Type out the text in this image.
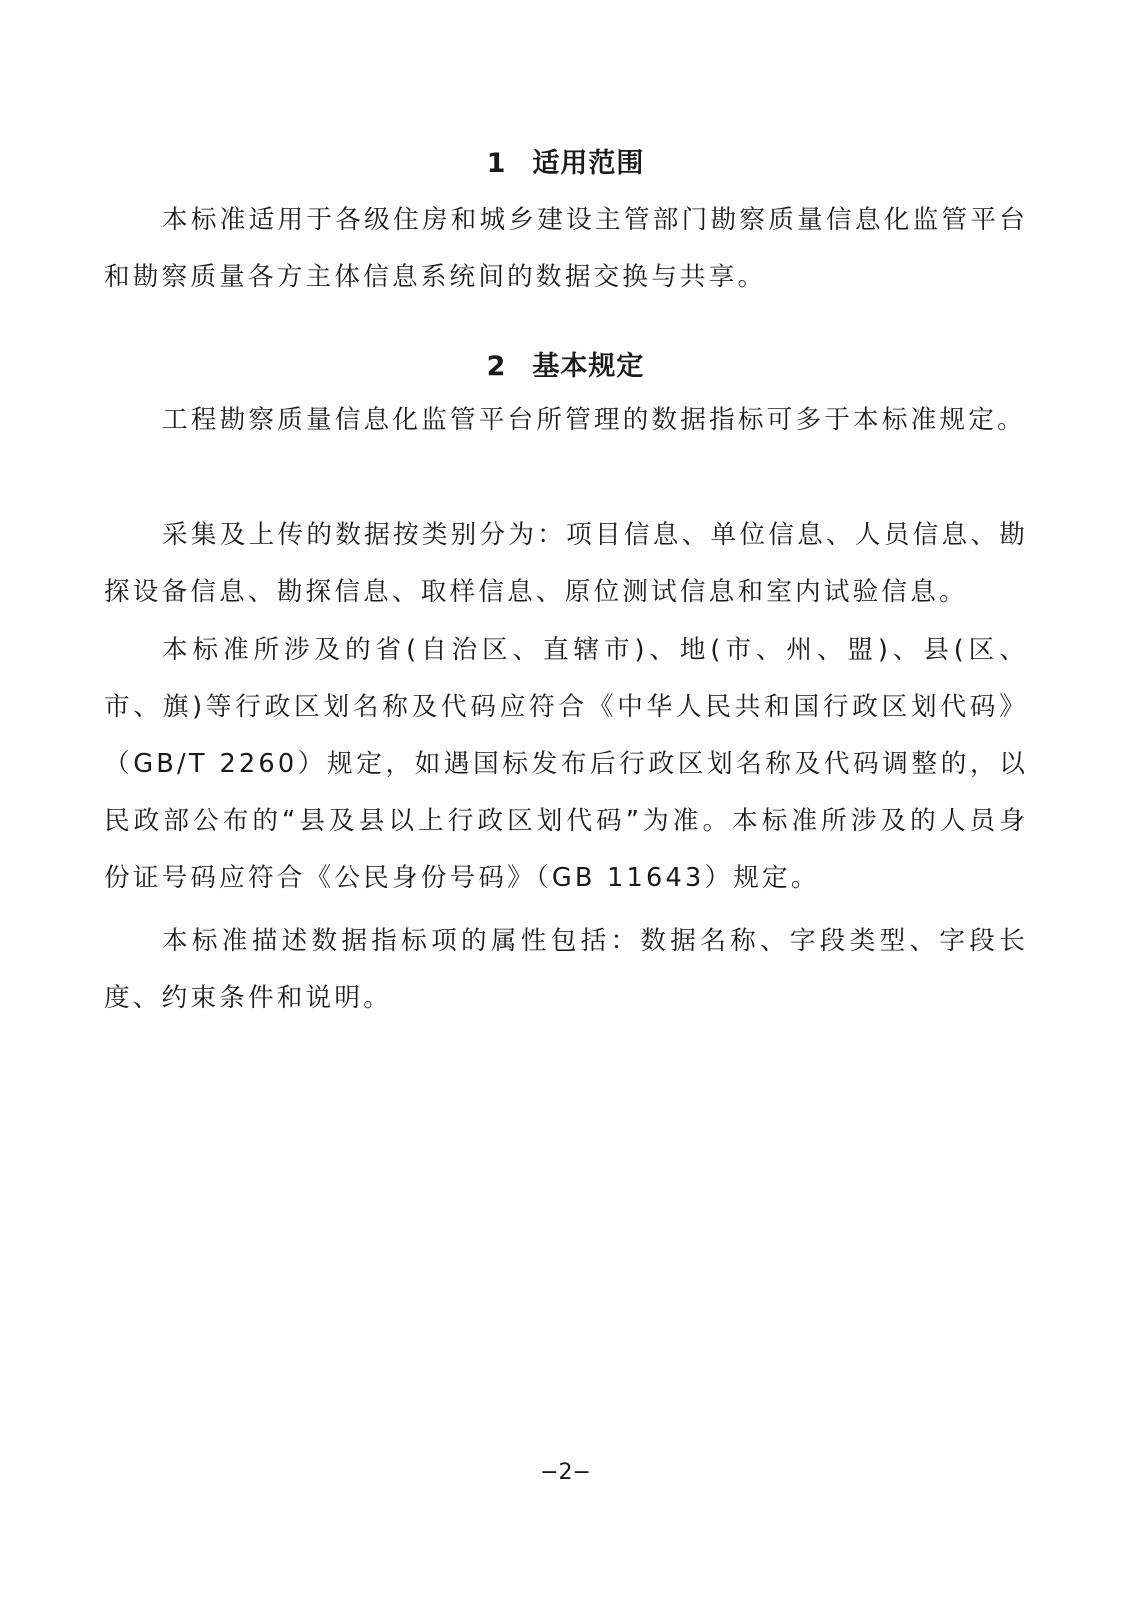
1 适用范围

本标准适用于各级住房和城乡建设主管部门勘察质量信息化监管平台和勘察质量各方主体信息系统间的数据交换与共享。

2 基本规定

工程勘察质量信息化监管平台所管理的数据指标可多于本标准规定。

采集及上传的数据按类别分为：项目信息、单位信息、人员信息、勘探设备信息、勘探信息、取样信息、原位测试信息和室内试验信息。

本标准所涉及的省(自治区、直辖市)、地(市、州、盟)、县(区、市、旗)等行政区划名称及代码应符合《中华人民共和国行政区划代码》（GB/T 2260）规定，如遇国标发布后行政区划名称及代码调整的，以民政部公布的“县及县以上行政区划代码”为准。本标准所涉及的人员身份证号码应符合《公民身份号码》（GB 11643）规定。

本标准描述数据指标项的属性包括：数据名称、字段类型、字段长度、约束条件和说明。

−2−
